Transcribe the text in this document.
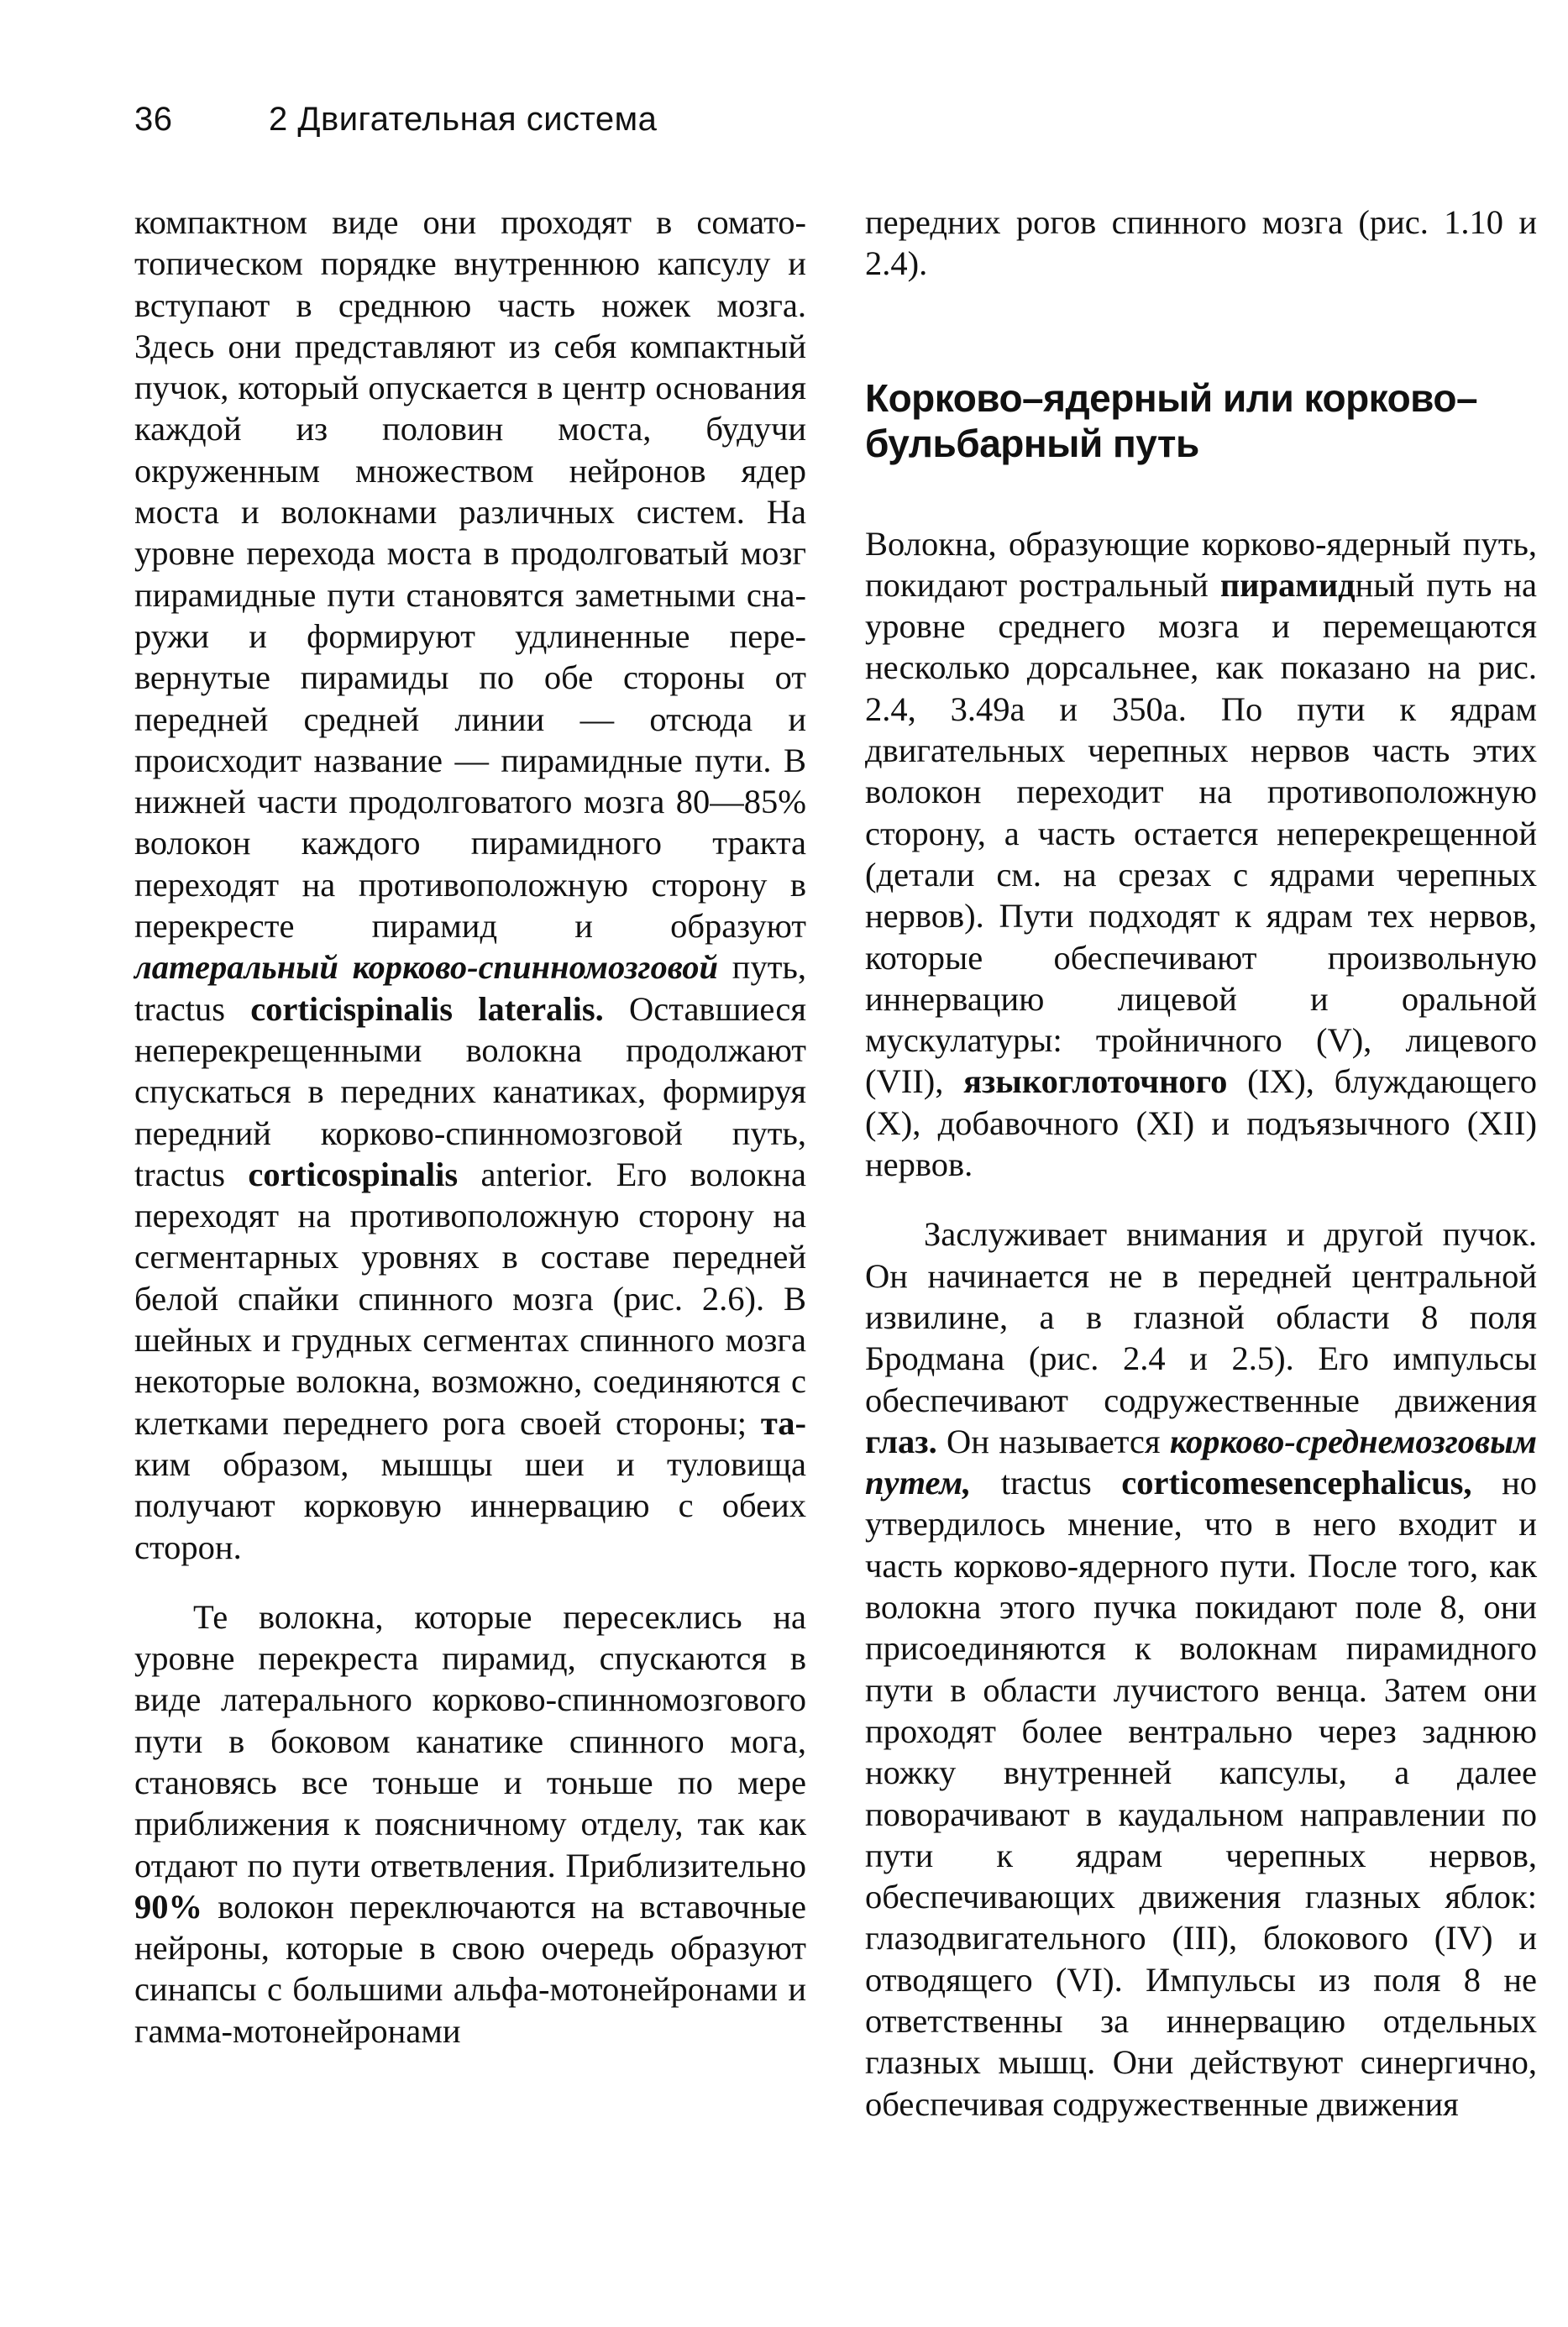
36	2 Двигательная система

компактном виде они проходят в соматотопическом порядке внутреннюю капсулу и вступают в среднюю часть ножек мозга. Здесь они представляют из себя компактный пучок, который опускается в центр основания каждой из половин моста, будучи окруженным множеством нейронов ядер моста и волокнами различных систем. На уровне перехода моста в продолговатый мозг пирамидные пути становятся заметными снаружи и формируют удлиненные перевернутые пирамиды по обе стороны от передней средней линии — отсюда и происходит название — пирамидные пути. В нижней части продолговатого мозга 80—85% волокон каждого пирамидного тракта переходят на противоположную сторону в перекресте пирамид и образуют латеральный корково-спинномозговой путь, tractus corticispinalis lateralis. Оставшиеся неперекрещенными волокна продолжают спускаться в передних канатиках, формируя передний корково-спинномозговой путь, tractus corticospinalis anterior. Его волокна переходят на противоположную сторону на сегментарных уровнях в составе передней белой спайки спинного мозга (рис. 2.6). В шейных и грудных сегментах спинного мозга некоторые волокна, возможно, соединяются с клетками переднего рога своей стороны; таким образом, мышцы шеи и туловища получают корковую иннервацию с обеих сторон.

Те волокна, которые пересеклись на уровне перекреста пирамид, спускаются в виде латерального корково-спинномозгового пути в боковом канатике спинного мога, становясь все тоньше и тоньше по мере приближения к поясничному отделу, так как отдают по пути ответвления. Приблизительно 90% волокон переключаются на вставочные нейроны, которые в свою очередь образуют синапсы с большими альфа-мотонейронами и гамма-мотонейронами

передних рогов спинного мозга (рис. 1.10 и 2.4).

Корково–ядерный или корково–бульбарный путь

Волокна, образующие корково-ядерный путь, покидают ростральный пирамидный путь на уровне среднего мозга и перемещаются несколько дорсальнее, как показано на рис. 2.4, 3.49а и 350а. По пути к ядрам двигательных черепных нервов часть этих волокон переходит на противоположную сторону, а часть остается неперекрещенной (детали см. на срезах с ядрами черепных нервов). Пути подходят к ядрам тех нервов, которые обеспечивают произвольную иннервацию лицевой и оральной мускулатуры: тройничного (V), лицевого (VII), языкоглоточного (IX), блуждающего (X), добавочного (XI) и подъязычного (XII) нервов.

Заслуживает внимания и другой пучок. Он начинается не в передней центральной извилине, а в глазной области 8 поля Бродмана (рис. 2.4 и 2.5). Его импульсы обеспечивают содружественные движения глаз. Он называется корково-среднемозговым путем, tractus corticomesencephalicus, но утвердилось мнение, что в него входит и часть корково-ядерного пути. После того, как волокна этого пучка покидают поле 8, они присоединяются к волокнам пирамидного пути в области лучистого венца. Затем они проходят более вентрально через заднюю ножку внутренней капсулы, а далее поворачивают в каудальном направлении по пути к ядрам черепных нервов, обеспечивающих движения глазных яблок: глазодвигательного (III), блокового (IV) и отводящего (VI). Импульсы из поля 8 не ответственны за иннервацию отдельных глазных мышц. Они действуют синергично, обеспечивая содружественные движения
